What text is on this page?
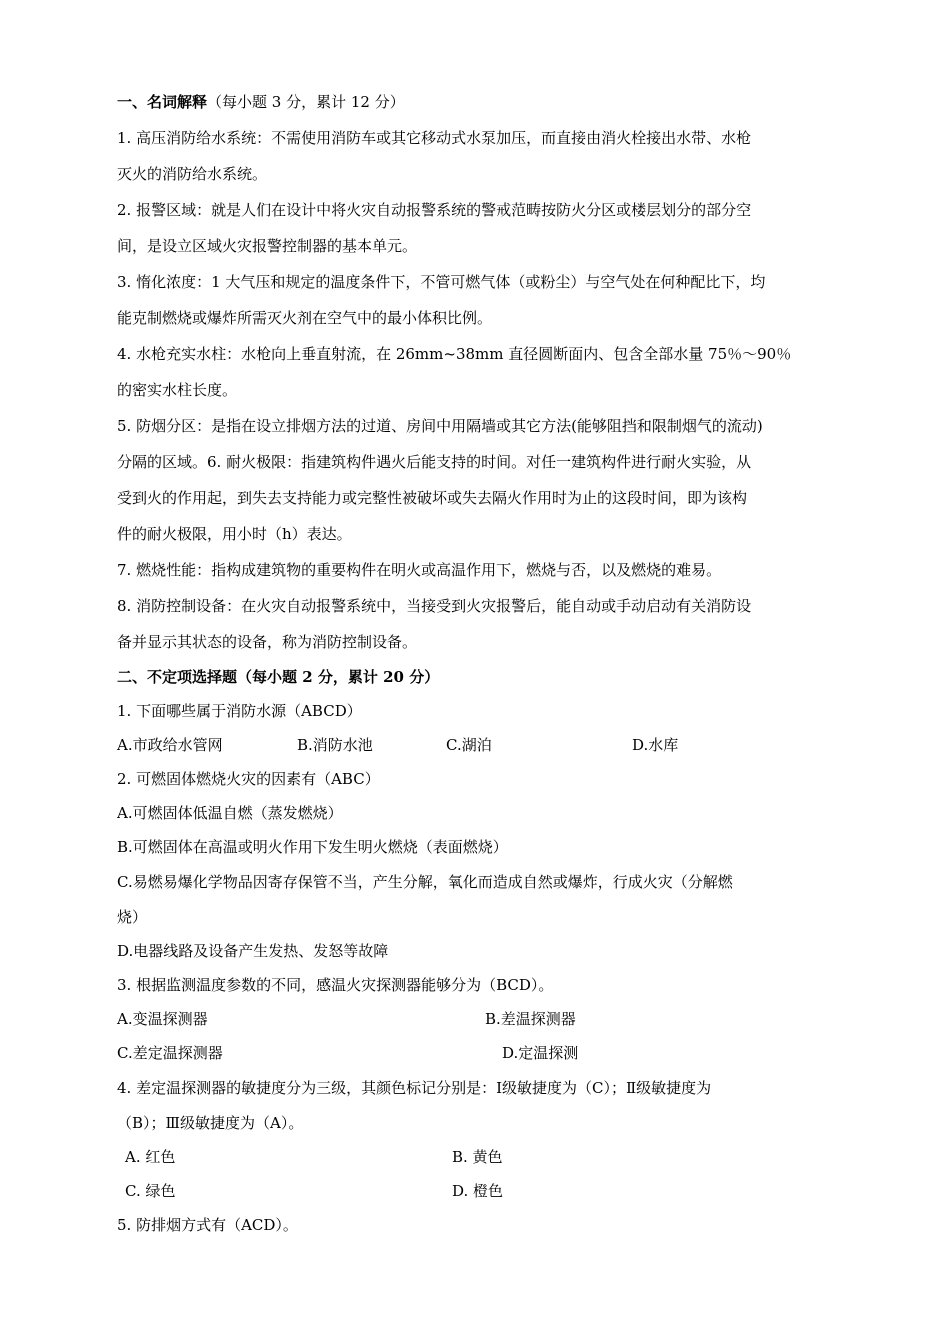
一、名词解释（每小题 3 分，累计 12 分）
1. 高压消防给水系统：不需使用消防车或其它移动式水泵加压，而直接由消火栓接出水带、水枪
灭火的消防给水系统。
2. 报警区域：就是人们在设计中将火灾自动报警系统的警戒范畴按防火分区或楼层划分的部分空
间，是设立区域火灾报警控制器的基本单元。
3. 惰化浓度：1 大气压和规定的温度条件下，不管可燃气体（或粉尘）与空气处在何种配比下，均
能克制燃烧或爆炸所需灭火剂在空气中的最小体积比例。
4. 水枪充实水柱：水枪向上垂直射流，在 26mm~38mm 直径圆断面内、包含全部水量 75％～90％
的密实水柱长度。
5. 防烟分区：是指在设立排烟方法的过道、房间中用隔墙或其它方法(能够阻挡和限制烟气的流动)
分隔的区域。6. 耐火极限：指建筑构件遇火后能支持的时间。对任一建筑构件进行耐火实验，从
受到火的作用起，到失去支持能力或完整性被破坏或失去隔火作用时为止的这段时间，即为该构
件的耐火极限，用小时（h）表达。
7. 燃烧性能：指构成建筑物的重要构件在明火或高温作用下，燃烧与否，以及燃烧的难易。
8. 消防控制设备：在火灾自动报警系统中，当接受到火灾报警后，能自动或手动启动有关消防设
备并显示其状态的设备，称为消防控制设备。
二、不定项选择题（每小题 2 分，累计 20 分）
1. 下面哪些属于消防水源（ABCD）
A.市政给水管网	B.消防水池	C.湖泊	D.水库
2. 可燃固体燃烧火灾的因素有（ABC）
A.可燃固体低温自燃（蒸发燃烧）
B.可燃固体在高温或明火作用下发生明火燃烧（表面燃烧）
C.易燃易爆化学物品因寄存保管不当，产生分解，氧化而造成自然或爆炸，行成火灾（分解燃
烧）
D.电器线路及设备产生发热、发怒等故障
3. 根据监测温度参数的不同，感温火灾探测器能够分为（BCD）。
A.变温探测器	B.差温探测器
C.差定温探测器	D.定温探测
4. 差定温探测器的敏捷度分为三级，其颜色标记分别是：Ⅰ级敏捷度为（C）；Ⅱ级敏捷度为
（B）；Ⅲ级敏捷度为（A）。
A. 红色	B. 黄色
C. 绿色	D. 橙色
5. 防排烟方式有（ACD）。
